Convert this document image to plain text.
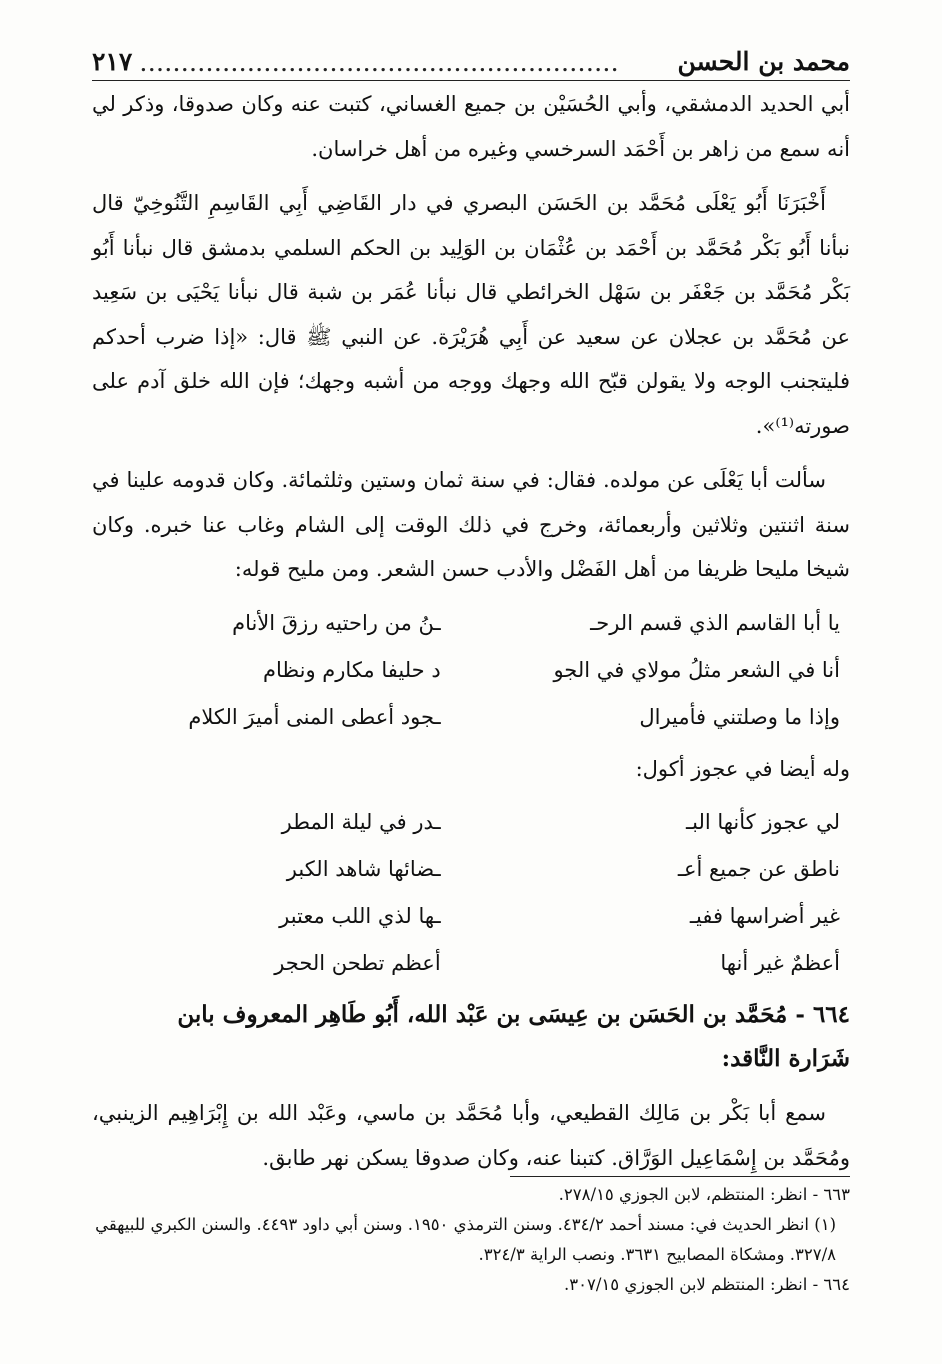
محمد بن الحسن
..........................................................
٢١٧

أبي الحديد الدمشقي، وأبي الحُسَيْن بن جميع الغساني، كتبت عنه وكان صدوقا، وذكر لي أنه سمع من زاهر بن أَحْمَد السرخسي وغيره من أهل خراسان.

أَخْبَرَنَا أَبُو يَعْلَى مُحَمَّد بن الحَسَن البصري في دار القَاضِي أَبِي القَاسِمِ التَّنُوخِيّ قال نبأنا أَبُو بَكْر مُحَمَّد بن أَحْمَد بن عُثْمَان بن الوَلِيد بن الحكم السلمي بدمشق قال نبأنا أَبُو بَكْر مُحَمَّد بن جَعْفَر بن سَهْل الخرائطي قال نبأنا عُمَر بن شبة قال نبأنا يَحْيَى بن سَعِيد عن مُحَمَّد بن عجلان عن سعيد عن أَبِي هُرَيْرَة. عن النبي ﷺ قال: «إذا ضرب أحدكم فليتجنب الوجه ولا يقولن قبّح الله وجهك ووجه من أشبه وجهك؛ فإن الله خلق آدم على صورته⁽¹⁾».

سألت أبا يَعْلَى عن مولده. فقال: في سنة ثمان وستين وثلثمائة. وكان قدومه علينا في سنة اثنتين وثلاثين وأربعمائة، وخرج في ذلك الوقت إلى الشام وغاب عنا خبره. وكان شيخا مليحا ظريفا من أهل الفَضْل والأدب حسن الشعر. ومن مليح قوله:

يا أبا القاسم الذي قسم الرحـ
ـنُ من راحتيه رزقَ الأنام
أنا في الشعر مثلُ مولاي في الجو
د حليفا مكارم ونظام
وإذا ما وصلتني فأميرال
ـجود أعطى المنى أميرَ الكلام

وله أيضا في عجوز أكول:

لي عجوز كأنها البـ
ـدر في ليلة المطر
ناطق عن جميع أعـ
ـضائها شاهد الكبر
غير أضراسها ففيـ
ـها لذي اللب معتبر
أعظمٌ غير أنها
أعظم تطحن الحجر
٦٦٤ - مُحَمَّد بن الحَسَن بن عِيسَى بن عَبْد الله، أَبُو طَاهِر المعروف بابن
شَرَارة النَّاقد:

سمع أبا بَكْر بن مَالِك القطيعي، وأبا مُحَمَّد بن ماسي، وعَبْد الله بن إِبْرَاهِيم الزينبي، ومُحَمَّد بن إِسْمَاعِيل الوَرَّاق. كتبنا عنه، وكان صدوقا يسكن نهر طابق.

٦٦٣ - انظر: المنتظم، لابن الجوزي ٢٧٨/١٥.

(١) انظر الحديث في: مسند أحمد ٤٣٤/٢. وسنن الترمذي ١٩٥٠. وسنن أبي داود ٤٤٩٣. والسنن الكبري للبيهقي ٣٢٧/٨. ومشكاة المصابيح ٣٦٣١. ونصب الراية ٣٢٤/٣.

٦٦٤ - انظر: المنتظم لابن الجوزي ٣٠٧/١٥.
